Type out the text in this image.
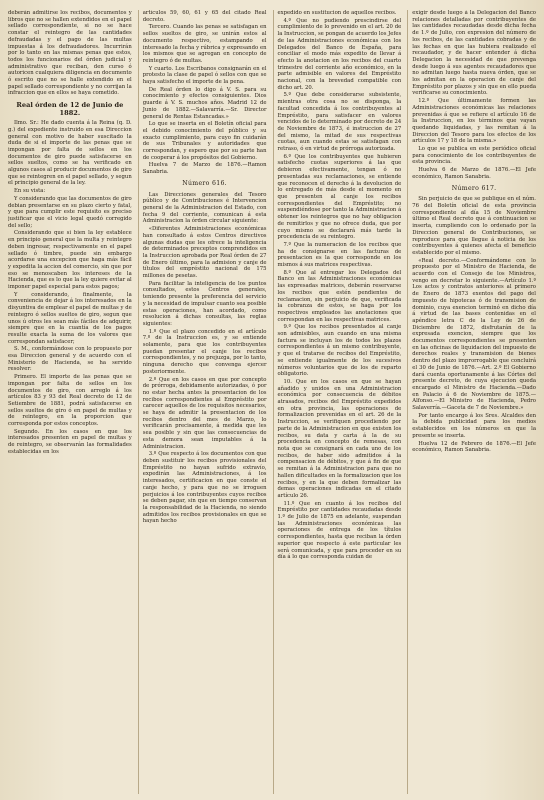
deberán admitirse los recibos, documentos y libros que no se hallen extendidos en el papel sellado correspondiente, si no se hace constar el reintegro de las cantidades defraudadas y el pago de las multas impuestas á los defraudadores. Incurrirán por lo tanto en las mismas penas que estos, todos los funcionarios del órden judicial y administrativo que reciban, den curso ó autoricen cualquiera diligencia en documento ó escrito que no se halle extendido en el papel sellado correspondiente y no corrijan la infraccion que en ellos se haya cometido.

Real órden de 12 de Junio de 1882.

Ilmo. Sr.: He dado cuenta á la Reina (q. D. g.) del expediente instruido en esa Direccion general con motivo de haber suscitado la duda de si el importe de las penas que se impongan por falta de sellos en los documentos de giro puede satisfacerse en sellos sueltos, como se ha verificado en algunos casos al producir documentos de giro que se reintegren en el papel sellado, y segun el principio general de la ley.

En su vista:

Y considerando que las documentos de giro debian presentarse en su plazo cierto y fatal, y que para cumplir este requisito es preciso justificar que el vicio legal quedó corregido del sello;

Considerando que si bien la ley establece en principio general que la multa y reintegro deben ingresar, respectivamente en el papel sellado ó timbre, puede sin embargo acordarse una excepcion que haga más fácil y expedita la accion del comercio, sin que por eso se menoscaben los intereses de la Hacienda, que es lo que la ley quiere evitar al imponer papel especial para estos pagos;

Y considerando, finalmente, la conveniencia de dejar á los interesados en la disyuntiva de emplear el papel de multas y de reintegro ó sellos sueltos de giro, segun que unos ú otros les sean más fáciles de adquirir, siempre que en la cuantía de los pagos resulte exacta la suma de los valores que correspondan satisfacer;

S. M., conformándose con lo propuesto por esa Direccion general y de acuerdo con el Ministerio de Hacienda, se ha servido resolver:

Primero. El importe de las penas que se impongan por falta de sellos en los documentos de giro, con arreglo á los artículos 83 y 93 del Real decreto de 12 de Setiembre de 1881, podrá satisfacerse en sellos sueltos de giro ó en papel de multas y de reintegro, en la proporcion que corresponda por estos conceptos.

Segundo. En los casos en que los interesados presenten en papel de multas y de reintegro, se observarán las formalidades establecidas en los

artículos 59, 60, 61 y 65 del citado Real decreto.

Tercero. Cuando las penas se satisfagan en sellos sueltos de giro, se unirán estos al documento respectivo, estampando el interesado la fecha y rúbrica y expresando en los mismos que se agregan en concepto de reintegro ó de multas.

Y cuarto. Los Escribanos consignarán en el protesto la clase de papel ó sellos con que se haya satisfecho el importe de la pena.

De Real órden lo digo á V. S. para su conocimiento y efectos consiguientes. Dios guarde á V. S. muchos años. Madrid 12 de Junio de 1882.—Salavarría.—Sr. Director general de Rentas Estancadas.»

Lo que se inserta en el Boletín oficial para el debido conocimiento del público y su exacto cumplimiento, para cuyo fin cuidarán de sus Tribunales y autoridades que correspondan, y espero que por su parte han de cooperar á los propósitos del Gobierno.

Huelva 7 de Marzo de 1876.—Ramon Sanabria.

Número 616.

Las Direcciones generales del Tesoro público y de Contribuciones é Intervencion general de la Administracion del Estado, con fecha 9 del corriente, comunican á esta Administracion la órden circular siguiente:

«Diferentes Administraciones económicas han consultado á estos Centros directivos algunas dudas que les ofrece la inteligencia de determinados preceptos comprendidos en la Instruccion aprobada por Real órden de 27 de Enero último, para la admision y canje de títulos del empréstito nacional de 175 millones de pesetas.

Para facilitar la inteligencia de los puntos consultados, estos Centros generales, teniendo presente la preferencia del servicio y la necesidad de impulsar cuanto sea posible estas operaciones, han acordado, como resolucion á dichas consultas, las reglas siguientes:

1.º Que el plazo concedido en el artículo 7.º de la Instruccion es, y se entiende solamente, para que los contribuyentes puedan presentar el canje los recibos correspondientes, y no prejuzga, por lo tanto, ninguna derecho que convenga ejercer posteriormente.

2.º Que en los casos en que por concepto de prórroga, debidamente autorizadas, ó por no estar hecha antes la presentacion de los recibos correspondientes al Empréstito por carecer aquellos de los requisitos necesarios, se haya de admitir la presentacion de los recibos dentro del mes de Marzo, lo verificarán precisamente, á medida que les sea posible y sin que las consecuencias de esta demora sean imputables á la Administracion.

3.º Que respecto á los documentos con que deben sustituir los recibos provisionales del Empréstito no hayan sufrido extravío, expedirán las Administraciones, á los interesados, certificacion en que conste el canje hecho, y para que no se irroguen perjuicios á los contribuyentes cuyos recibos se deben pagar, sin que en tiempo conservan la responsabilidad de la Hacienda, no siendo admitidos los recibos provisionales en que se hayan hecho

expedido en sustitucion de aquellos recibos.

4.º Que no pudiendo prescindirse del cumplimiento de lo prevenido en el art. 20 de la Instruccion, se pongan de acuerdo los Jefes de las Administraciones económicas con los Delegados del Banco de España, para conciliar el modo más expedito de llevar á efecto la anotacion en los recibos del cuarto trimestre del corriente año económico, en la parte admisible en valores del Empréstito nacional, con la brevedad compatible con dicho art. 20.

5.º Que debe considerarse subsistente, mientras otra cosa no se disponga, la facultad concedida á los contribuyentes al Empréstito, para satisfacer en valores vencidos de lo determinado por decreto de 24 de Noviembre de 1873, é instruccion de 27 del mismo, la mitad de sus respectivas cuotas, aun cuando estas se satisfagan con retraso, ó en virtud de prórroga autorizada.

6.º Que los contribuyentes que hubieren satisfecho cuotas superiores á las que debieron efectivamente, tengan ó no presentadas sus reclamaciones, se entiende que reconocen el derecho á la devolucion de lo entregado de más desde el momento en que presenten al canje los recibos correspondientes del Empréstito; no suspendiéndose por tanto la Administracion á obtener los reintegros que no hay obligacion de remitirlos y que no ofrece duda, que por cuyo mismo se declarará más tarde la procedencia de su reintegro.

7.º Que la numeracion de los recibos que ha de consignarse en las facturas de presentacion es la que corresponde en los mismos á sus matrices respectivas.

8.º Que al entregar los Delegados del Banco en las Administraciones económicas las expresadas matrices, deberán reservarse los recibos que estén pendientes de reclamacion, sin perjuicio de que, verificada la cobranza de estos, se haga por los respectivos empleados las anotaciones que correspondan en las respectivas matrices.

9.º Que los recibos presentados al canje son admisibles, aun cuando en una misma factura se incluyan los de todos los plazos correspondientes á un mismo contribuyente, y que el tratarse de recibos del Empréstito, se entiende igualmente de los sucesivos números voluntarios que de los de reparto obligatorio.

10. Que en los casos en que se hayan añadido y unidos en una Administracion económica por consecuencia de débitos atrasados, recibos del Empréstito expedidos en otra provincia, las operaciones de formalizacion prevenidas en el art. 26 de la Instruccion, se verifiquen procediendo por parte de la Administracion en que existen los recibos, su data y carta á la de su procedencia en concepto de remesas, con nota que se consignará en cada uno de los recibos, de haber sido admitidos á la compensacion de débitos, y que á fin de que se remitan á la Administracion para que no hallen dificultades en la formalizacion que los recibos, y en la que deben formalizar las demas operaciones indicadas en el citado artículo 26.

11.º Que en cuanto á los recibos del Empréstito por cantidades recaudadas desde 1.º de Julio de 1875 en adelante, suspendan las Administraciones económicas las operaciones de entrega de los títulos correspondientes, hasta que reciban la órden superior que respecto á este particular les será comunicada, y que para proceder en su día á lo que corresponda cuidan de

exigir desde luego á la Delegacion del Banco relaciones detalladas por contribuyentes de las cantidades recaudadas desde dicha fecha de 1.º de Julio, con expresion del número de los recibos, de las cantidades cobradas y de las fechas en que las hubiera realizado el recaudador, y de hacer entender á dicha Delegacion la necesidad de que prevenga desde luego á sus agentes recaudadores que no admitan luego hasta nueva órden, que se los admitan en la operacion de canje del Empréstito por plazos y sin que en ello pueda verificarse su conocimiento.

12.º Que últimamente formen las Administraciones económicas las relaciones prevenidas á que se refiere el artículo 16 de la Instruccion, en los términos que vayan quedando liquidadas, y las remitan á la Direccion del Tesoro para los efectos de los artículos 17 y 18 de la misma.»

Lo que se publica en este periódico oficial para conocimiento de los contribuyentes de esta provincia.

Huelva 6 de Marzo de 1876.—El Jefe económico, Ramon Sanabria.

Número 617.

Sin perjuicio de que se publique en el núm. 76 del Boletín oficial de esta provincia correspondiente al día 15 de Noviembre último el Real decreto que á continuacion se inserta, cumpliendo con lo ordenado por la Direccion general de Contribuciones, se reproduce para que llegue á noticia de los contribuyentes á quienes afecta el beneficio establecido por el mismo.

«Real decreto.—Conformándome con lo propuesto por el Ministro de Hacienda, de acuerdo con el Consejo de los Ministros, vengo en decretar lo siguiente.—Artículo 1.º Los actos y contratos anteriores al primero de Enero de 1873 exentos del pago del impuesto de hipotecas ó de transmision de dominio, cuya exencion terminó en dicho día á virtud de las bases contenidas en el apéndice letra C de la Ley de 26 de Diciembre de 1872, disfrutarán de la expresada exencion, siempre que los documentos correspondientes se presenten en las oficinas de liquidacion del impuesto de derechos reales y transmision de bienes dentro del plazo improrrogable que concluirá el 30 de Junio de 1876.—Art. 2.º El Gobierno dará cuenta oportunamente á las Córtes del presente decreto, de cuya ejecucion queda encargado el Ministro de Hacienda.—Dado en Palacio á 6 de Noviembre de 1875.—Alfonso.—El Ministro de Hacienda, Pedro Salaverría.—Gaceta de 7 de Noviembre.»

Por tanto encargo á los Sres. Alcaldes den la debida publicidad para los medios establecidos en los números en que la presente se inserta.

Huelva 12 de Febrero de 1876.—El Jefe económico, Ramon Sanabria.
